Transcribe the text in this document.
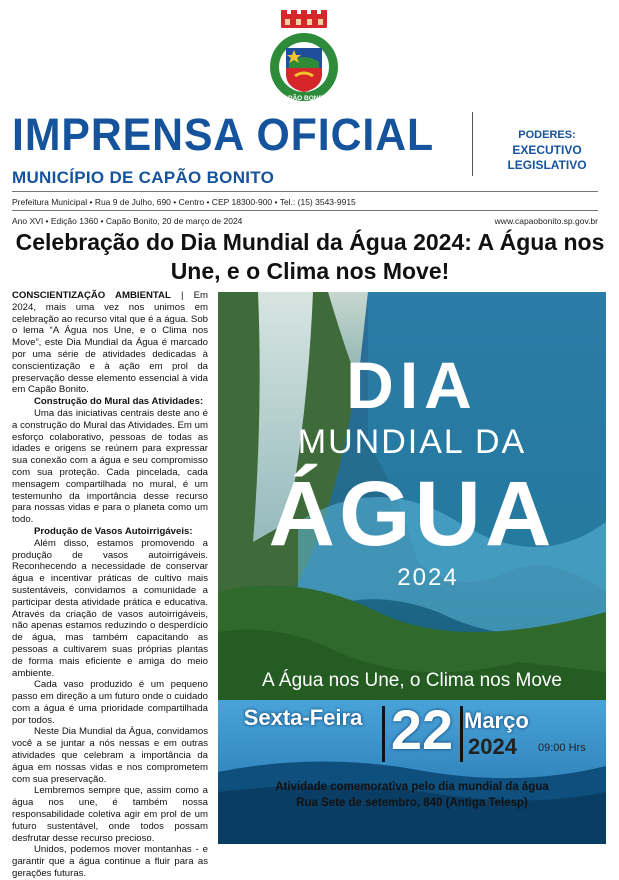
CAPÃO BONITO
IMPRENSA OFICIAL
MUNICÍPIO DE CAPÃO BONITO
PODERES:
EXECUTIVO
LEGISLATIVO
Prefeitura Municipal • Rua 9 de Julho, 690 • Centro • CEP 18300-900 • Tel.: (15) 3543-9915
Ano XVI • Edição 1360 • Capão Bonito, 20 de março de 2024	www.capaobonito.sp.gov.br
Celebração do Dia Mundial da Água 2024: A Água nos Une, e o Clima nos Move!

CONSCIENTIZAÇÃO AMBIENTAL | Em 2024, mais uma vez nos unimos em celebração ao recurso vital que é a água. Sob o lema “A Água nos Une, e o Clima nos Move”, este Dia Mundial da Água é marcado por uma série de atividades dedicadas à conscientização e à ação em prol da preservação desse elemento essencial à vida em Capão Bonito.

Construção do Mural das Atividades:

Uma das iniciativas centrais deste ano é a construção do Mural das Atividades. Em um esforço colaborativo, pessoas de todas as idades e origens se reúnem para expressar sua conexão com a água e seu compromisso com sua proteção. Cada pincelada, cada mensagem compartilhada no mural, é um testemunho da importância desse recurso para nossas vidas e para o planeta como um todo.

Produção de Vasos Autoirrigáveis:

Além disso, estamos promovendo a produção de vasos autoirrigáveis. Reconhecendo a necessidade de conservar água e incentivar práticas de cultivo mais sustentáveis, convidamos a comunidade a participar desta atividade prática e educativa. Através da criação de vasos autoirrigáveis, não apenas estamos reduzindo o desperdício de água, mas também capacitando as pessoas a cultivarem suas próprias plantas de forma mais eficiente e amiga do meio ambiente.

Cada vaso produzido é um pequeno passo em direção a um futuro onde o cuidado com a água é uma prioridade compartilhada por todos.

Neste Dia Mundial da Água, convidamos você a se juntar a nós nessas e em outras atividades que celebram a importância da água em nossas vidas e nos comprometem com sua preservação.

Lembremos sempre que, assim como a água nos une, é também nossa responsabilidade coletiva agir em prol de um futuro sustentável, onde todos possam desfrutar desse recurso precioso.

Unidos, podemos mover montanhas - e garantir que a água continue a fluir para as gerações futuras.

DIA
MUNDIAL DA
ÁGUA
2024
A Água nos Une, o Clima nos Move
Sexta-Feira 22 Março
2024 09:00 Hrs
Atividade comemorativa pelo dia mundial da água
Rua Sete de setembro, 840 (Antiga Telesp)
